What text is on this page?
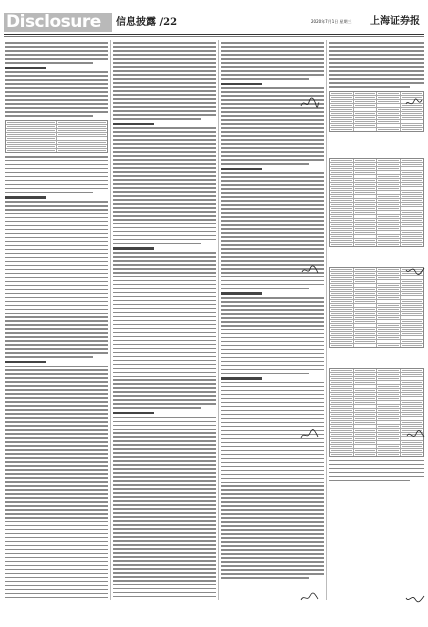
Disclosure	信息披露 /22	2020年7月1日 星期三 上海证券报
